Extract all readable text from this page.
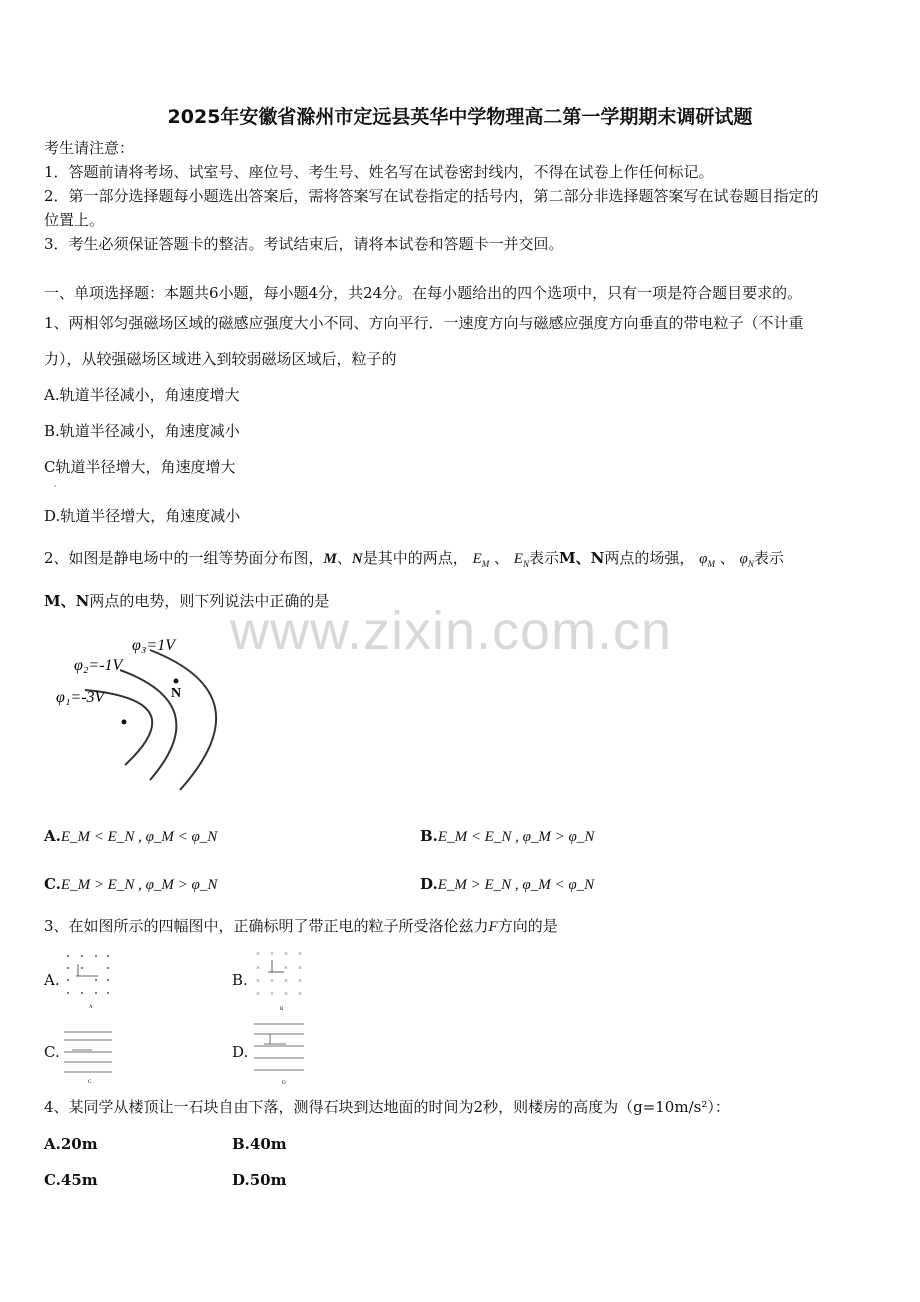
2025年安徽省滁州市定远县英华中学物理高二第一学期期末调研试题
考生请注意：
1．答题前请将考场、试室号、座位号、考生号、姓名写在试卷密封线内，不得在试卷上作任何标记。
2．第一部分选择题每小题选出答案后，需将答案写在试卷指定的括号内，第二部分非选择题答案写在试卷题目指定的
位置上。
3．考生必须保证答题卡的整洁。考试结束后，请将本试卷和答题卡一并交回。
一、单项选择题：本题共6小题，每小题4分，共24分。在每小题给出的四个选项中，只有一项是符合题目要求的。
1、两相邻匀强磁场区域的磁感应强度大小不同、方向平行．一速度方向与磁感应强度方向垂直的带电粒子（不计重
力），从较强磁场区域进入到较弱磁场区域后，粒子的
A.轨道半径减小，角速度增大
B.轨道半径减小，角速度减小
C轨道半径增大，角速度增大
·
D.轨道半径增大，角速度减小
2、如图是静电场中的一组等势面分布图，M、N是其中的两点， $E_M$ 、 $E_N$表示M、N两点的场强， $\varphi_M$ 、 $\varphi_N$表示
M、N两点的电势，则下列说法中正确的是
φ₃=1V
φ₂=-1V
φ₁=-3V	N
www.zixin.com.cn
A.E_M < E_N , φ_M < φ_N	B.E_M < E_N , φ_M > φ_N
C.E_M > E_N , φ_M > φ_N	D.E_M > E_N , φ_M < φ_N
3、在如图所示的四幅图中，正确标明了带正电的粒子所受洛伦兹力F方向的是
A.
A
B.
× × × ×
×	× ×
× × × ×
× × × ×
B
C.
C
D.
D
4、某同学从楼顶让一石块自由下落，测得石块到达地面的时间为2秒，则楼房的高度为（g=10m/s²）：
A.20m	B.40m
C.45m	D.50m
